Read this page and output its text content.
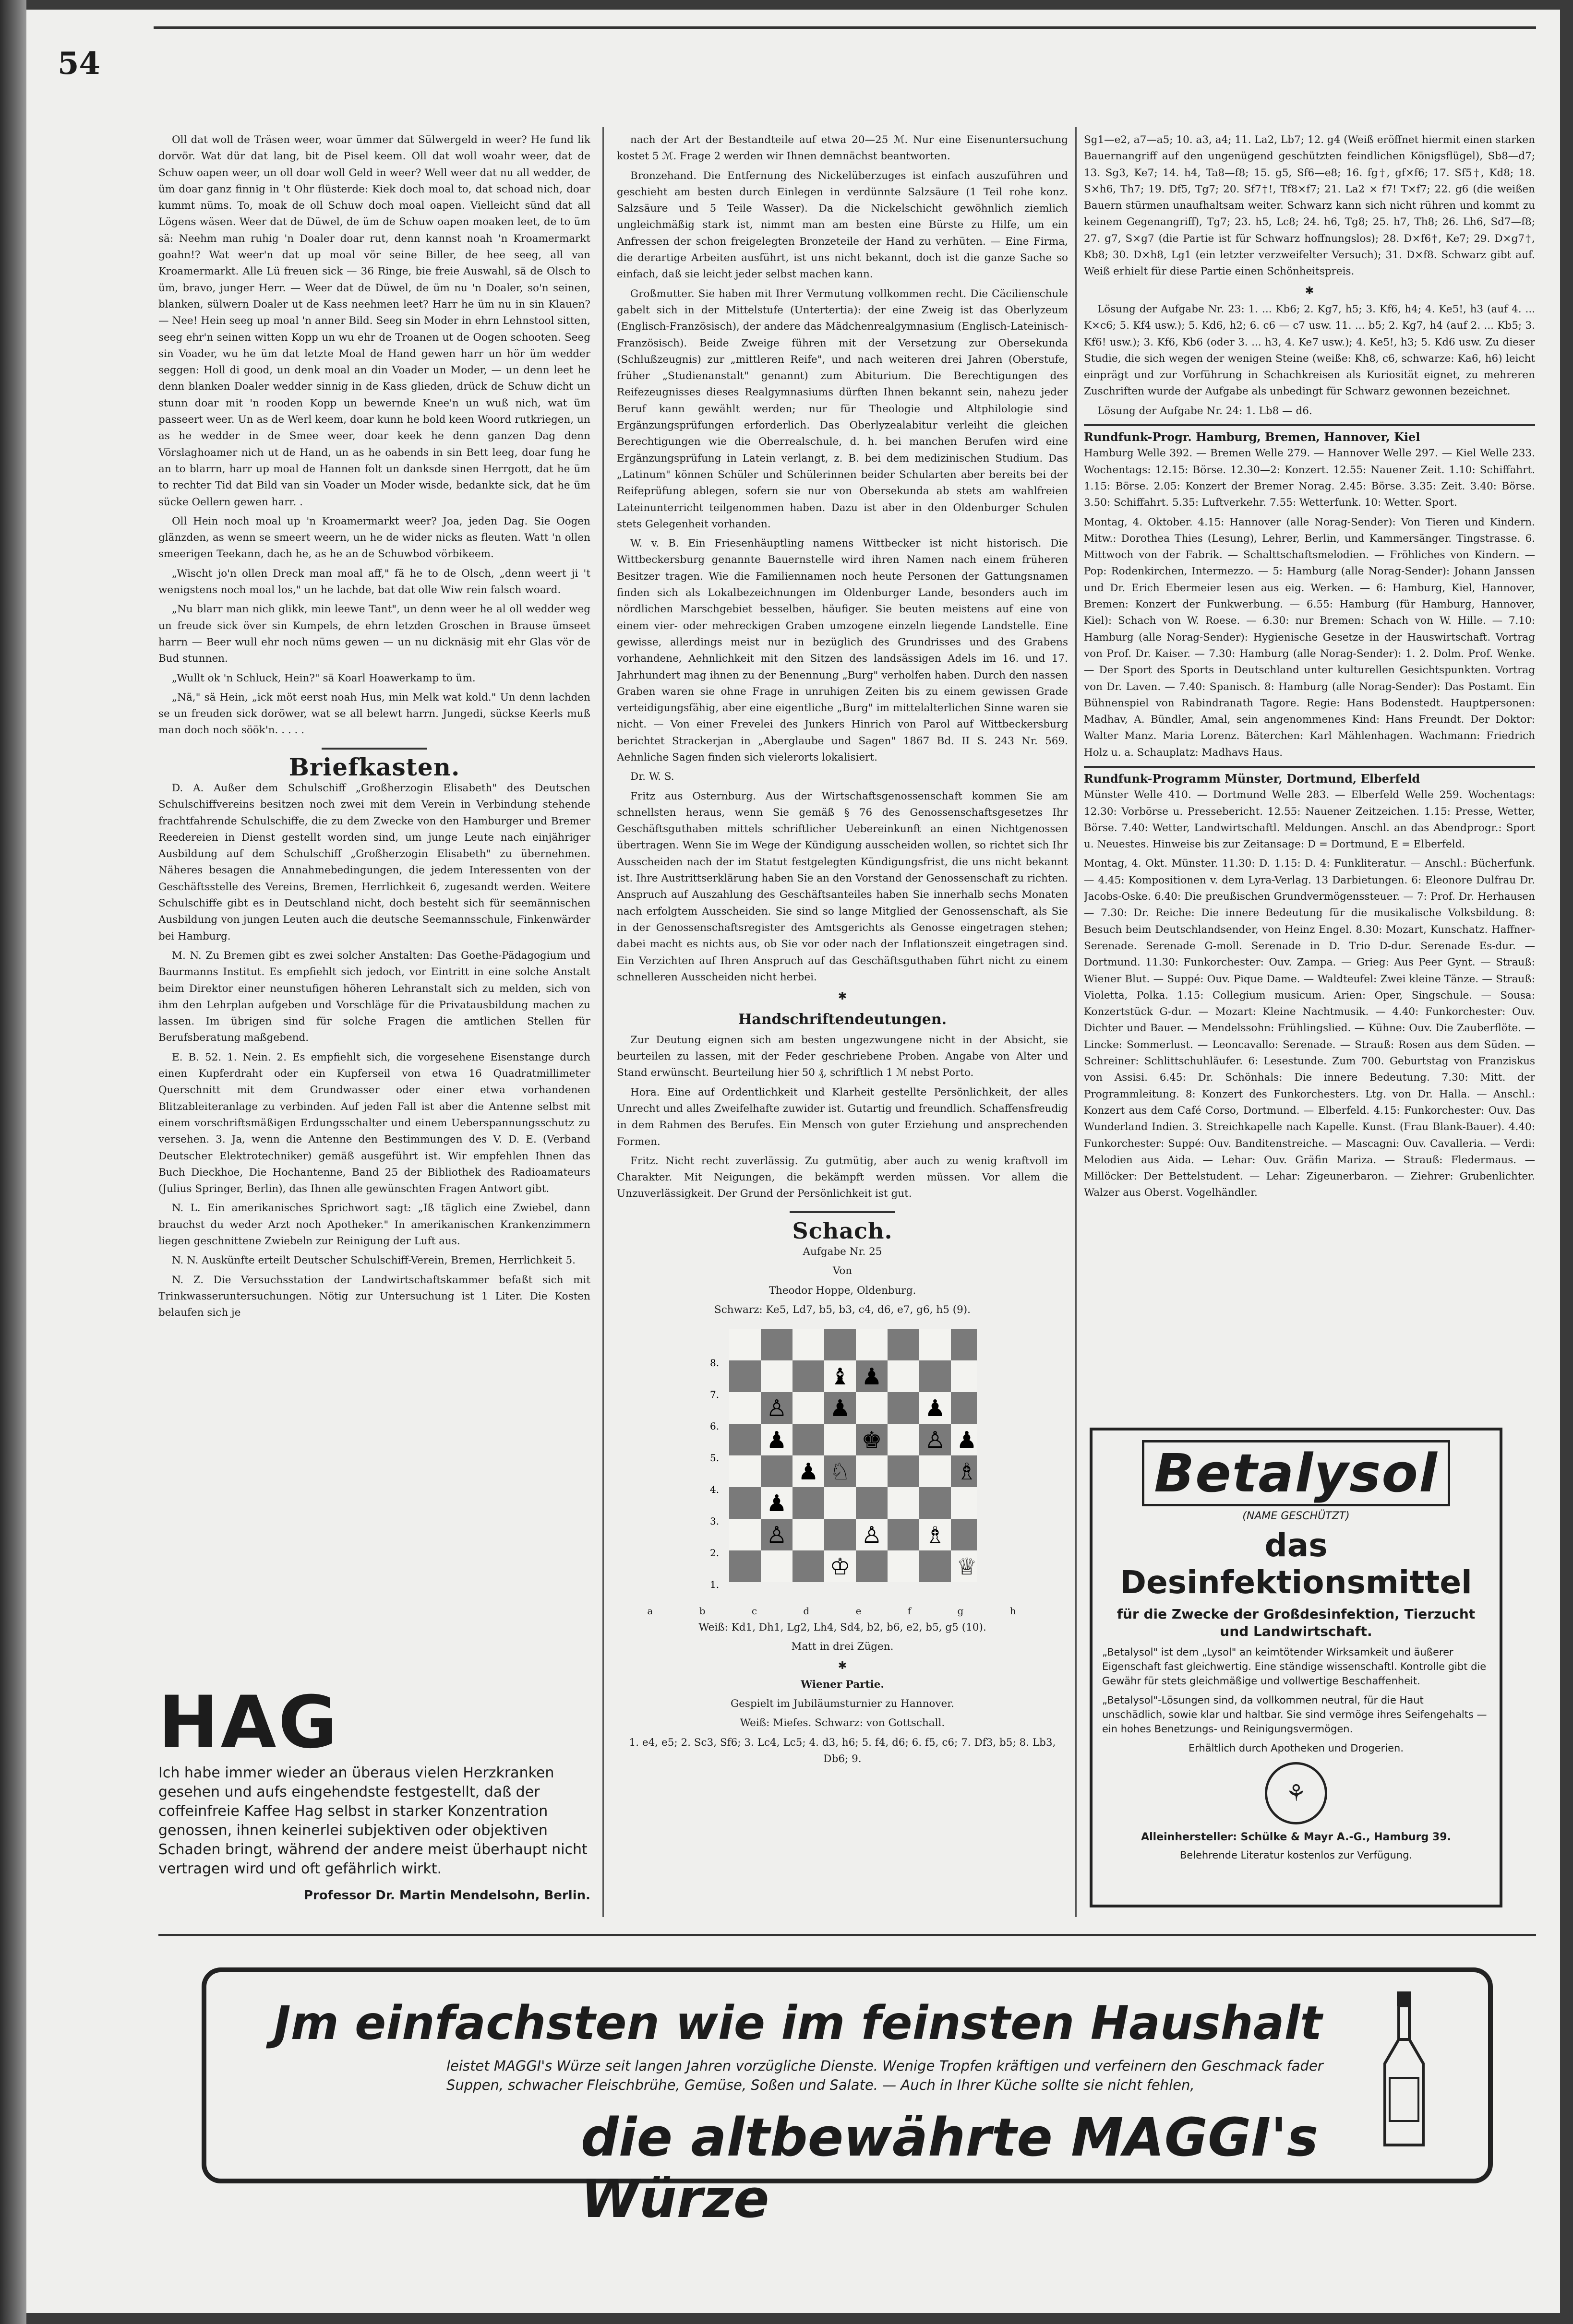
54

Oll dat woll de Träsen weer, woar ümmer dat Sülwergeld in weer? He fund lik dorvör. Wat dür dat lang, bit de Pisel keem. Oll dat woll woahr weer, dat de Schuw oapen weer, un oll doar woll Geld in weer? Well weer dat nu all wedder, de üm doar ganz finnig in 't Ohr flüsterde: Kiek doch moal to, dat schoad nich, doar kummt nüms. To, moak de oll Schuw doch moal oapen. Vielleicht sünd dat all Lögens wäsen. Weer dat de Düwel, de üm de Schuw oapen moaken leet, de to üm sä: Neehm man ruhig 'n Doaler doar rut, denn kannst noah 'n Kroamermarkt goahn!? Wat weer'n dat up moal vör seine Biller, de hee seeg, all van Kroamermarkt. Alle Lü freuen sick — 36 Ringe, bie freie Auswahl, sä de Olsch to üm, bravo, junger Herr. — Weer dat de Düwel, de üm nu 'n Doaler, so'n seinen, blanken, sülwern Doaler ut de Kass neehmen leet? Harr he üm nu in sin Klauen? — Nee! Hein seeg up moal 'n anner Bild. Seeg sin Moder in ehrn Lehnstool sitten, seeg ehr'n seinen witten Kopp un wu ehr de Troanen ut de Oogen schooten. Seeg sin Voader, wu he üm dat letzte Moal de Hand gewen harr un hör üm wedder seggen: Holl di good, un denk moal an din Voader un Moder, — un denn leet he denn blanken Doaler wedder sinnig in de Kass glieden, drück de Schuw dicht un stunn doar mit 'n rooden Kopp un bewernde Knee'n un wuß nich, wat üm passeert weer. Un as de Werl keem, doar kunn he bold keen Woord rutkriegen, un as he wedder in de Smee weer, doar keek he denn ganzen Dag denn Vörslaghoamer nich ut de Hand, un as he oabends in sin Bett leeg, doar fung he an to blarrn, harr up moal de Hannen folt un danksde sinen Herrgott, dat he üm to rechter Tid dat Bild van sin Voader un Moder wisde, bedankte sick, dat he üm sücke Oellern gewen harr. .

Oll Hein noch moal up 'n Kroamermarkt weer? Joa, jeden Dag. Sie Oogen glänzden, as wenn se smeert weern, un he de wider nicks as fleuten. Watt 'n ollen smeerigen Teekann, dach he, as he an de Schuwbod vörbikeem.

„Wischt jo'n ollen Dreck man moal aff," fä he to de Olsch, „denn weert ji 't wenigstens noch moal los," un he lachde, bat dat olle Wiw rein falsch woard.

„Nu blarr man nich glikk, min leewe Tant", un denn weer he al oll wedder weg un freude sick över sin Kumpels, de ehrn letzden Groschen in Brause ümseet harrn — Beer wull ehr noch nüms gewen — un nu dicknäsig mit ehr Glas vör de Bud stunnen.

„Wullt ok 'n Schluck, Hein?" sä Koarl Hoawerkamp to üm.

„Nä," sä Hein, „ick möt eerst noah Hus, min Melk wat kold." Un denn lachden se un freuden sick doröwer, wat se all belewt harrn. Jungedi, sückse Keerls muß man doch noch söök'n. . . . .

Briefkasten.

D. A. Außer dem Schulschiff „Großherzogin Elisabeth" des Deutschen Schulschiffvereins besitzen noch zwei mit dem Verein in Verbindung stehende frachtfahrende Schulschiffe, die zu dem Zwecke von den Hamburger und Bremer Reedereien in Dienst gestellt worden sind, um junge Leute nach einjähriger Ausbildung auf dem Schulschiff „Großherzogin Elisabeth" zu übernehmen. Näheres besagen die Annahmebedingungen, die jedem Interessenten von der Geschäftsstelle des Vereins, Bremen, Herrlichkeit 6, zugesandt werden. Weitere Schulschiffe gibt es in Deutschland nicht, doch besteht sich für seemännischen Ausbildung von jungen Leuten auch die deutsche Seemannsschule, Finkenwärder bei Hamburg.

M. N. Zu Bremen gibt es zwei solcher Anstalten: Das Goethe-Pädagogium und Baurmanns Institut. Es empfiehlt sich jedoch, vor Eintritt in eine solche Anstalt beim Direktor einer neunstufigen höheren Lehranstalt sich zu melden, sich von ihm den Lehrplan aufgeben und Vorschläge für die Privatausbildung machen zu lassen. Im übrigen sind für solche Fragen die amtlichen Stellen für Berufsberatung maßgebend.

E. B. 52. 1. Nein. 2. Es empfiehlt sich, die vorgesehene Eisenstange durch einen Kupferdraht oder ein Kupferseil von etwa 16 Quadratmillimeter Querschnitt mit dem Grundwasser oder einer etwa vorhandenen Blitzableiteranlage zu verbinden. Auf jeden Fall ist aber die Antenne selbst mit einem vorschriftsmäßigen Erdungsschalter und einem Ueberspannungsschutz zu versehen. 3. Ja, wenn die Antenne den Bestimmungen des V. D. E. (Verband Deutscher Elektrotechniker) gemäß ausgeführt ist. Wir empfehlen Ihnen das Buch Dieckhoe, Die Hochantenne, Band 25 der Bibliothek des Radioamateurs (Julius Springer, Berlin), das Ihnen alle gewünschten Fragen Antwort gibt.

N. L. Ein amerikanisches Sprichwort sagt: „Iß täglich eine Zwiebel, dann brauchst du weder Arzt noch Apotheker." In amerikanischen Krankenzimmern liegen geschnittene Zwiebeln zur Reinigung der Luft aus.

N. N. Auskünfte erteilt Deutscher Schulschiff-Verein, Bremen, Herrlichkeit 5.

N. Z. Die Versuchsstation der Landwirtschaftskammer befaßt sich mit Trinkwasseruntersuchungen. Nötig zur Untersuchung ist 1 Liter. Die Kosten belaufen sich je

nach der Art der Bestandteile auf etwa 20—25 ℳ. Nur eine Eisenuntersuchung kostet 5 ℳ. Frage 2 werden wir Ihnen demnächst beantworten.

Bronzehand. Die Entfernung des Nickelüberzuges ist einfach auszuführen und geschieht am besten durch Einlegen in verdünnte Salzsäure (1 Teil rohe konz. Salzsäure und 5 Teile Wasser). Da die Nickelschicht gewöhnlich ziemlich ungleichmäßig stark ist, nimmt man am besten eine Bürste zu Hilfe, um ein Anfressen der schon freigelegten Bronzeteile der Hand zu verhüten. — Eine Firma, die derartige Arbeiten ausführt, ist uns nicht bekannt, doch ist die ganze Sache so einfach, daß sie leicht jeder selbst machen kann.

Großmutter. Sie haben mit Ihrer Vermutung vollkommen recht. Die Cäcilienschule gabelt sich in der Mittelstufe (Untertertia): der eine Zweig ist das Oberlyzeum (Englisch-Französisch), der andere das Mädchenrealgymnasium (Englisch-Lateinisch-Französisch). Beide Zweige führen mit der Versetzung zur Obersekunda (Schlußzeugnis) zur „mittleren Reife", und nach weiteren drei Jahren (Oberstufe, früher „Studienanstalt" genannt) zum Abiturium. Die Berechtigungen des Reifezeugnisses dieses Realgymnasiums dürften Ihnen bekannt sein, nahezu jeder Beruf kann gewählt werden; nur für Theologie und Altphilologie sind Ergänzungsprüfungen erforderlich. Das Oberlyzealabitur verleiht die gleichen Berechtigungen wie die Oberrealschule, d. h. bei manchen Berufen wird eine Ergänzungsprüfung in Latein verlangt, z. B. bei dem medizinischen Studium. Das „Latinum" können Schüler und Schülerinnen beider Schularten aber bereits bei der Reifeprüfung ablegen, sofern sie nur von Obersekunda ab stets am wahlfreien Lateinunterricht teilgenommen haben. Dazu ist aber in den Oldenburger Schulen stets Gelegenheit vorhanden.

W. v. B. Ein Friesenhäuptling namens Wittbecker ist nicht historisch. Die Wittbeckersburg genannte Bauernstelle wird ihren Namen nach einem früheren Besitzer tragen. Wie die Familiennamen noch heute Personen der Gattungsnamen finden sich als Lokalbezeichnungen im Oldenburger Lande, besonders auch im nördlichen Marschgebiet besselben, häufiger. Sie beuten meistens auf eine von einem vier- oder mehreckigen Graben umzogene einzeln liegende Landstelle. Eine gewisse, allerdings meist nur in bezüglich des Grundrisses und des Grabens vorhandene, Aehnlichkeit mit den Sitzen des landsässigen Adels im 16. und 17. Jahrhundert mag ihnen zu der Benennung „Burg" verholfen haben. Durch den nassen Graben waren sie ohne Frage in unruhigen Zeiten bis zu einem gewissen Grade verteidigungsfähig, aber eine eigentliche „Burg" im mittelalterlichen Sinne waren sie nicht. — Von einer Frevelei des Junkers Hinrich von Parol auf Wittbeckersburg berichtet Strackerjan in „Aberglaube und Sagen" 1867 Bd. II S. 243 Nr. 569. Aehnliche Sagen finden sich vielerorts lokalisiert.

Dr. W. S.

Fritz aus Osternburg. Aus der Wirtschaftsgenossenschaft kommen Sie am schnellsten heraus, wenn Sie gemäß § 76 des Genossenschaftsgesetzes Ihr Geschäftsguthaben mittels schriftlicher Uebereinkunft an einen Nichtgenossen übertragen. Wenn Sie im Wege der Kündigung ausscheiden wollen, so richtet sich Ihr Ausscheiden nach der im Statut festgelegten Kündigungsfrist, die uns nicht bekannt ist. Ihre Austrittserklärung haben Sie an den Vorstand der Genossenschaft zu richten. Anspruch auf Auszahlung des Geschäftsanteiles haben Sie innerhalb sechs Monaten nach erfolgtem Ausscheiden. Sie sind so lange Mitglied der Genossenschaft, als Sie in der Genossenschaftsregister des Amtsgerichts als Genosse eingetragen stehen; dabei macht es nichts aus, ob Sie vor oder nach der Inflationszeit eingetragen sind. Ein Verzichten auf Ihren Anspruch auf das Geschäftsguthaben führt nicht zu einem schnelleren Ausscheiden nicht herbei.

✱
Handschriftendeutungen.

Zur Deutung eignen sich am besten ungezwungene nicht in der Absicht, sie beurteilen zu lassen, mit der Feder geschriebene Proben. Angabe von Alter und Stand erwünscht. Beurteilung hier 50 ₰, schriftlich 1 ℳ nebst Porto.

Hora. Eine auf Ordentlichkeit und Klarheit gestellte Persönlichkeit, der alles Unrecht und alles Zweifelhafte zuwider ist. Gutartig und freundlich. Schaffensfreudig in dem Rahmen des Berufes. Ein Mensch von guter Erziehung und ansprechenden Formen.

Fritz. Nicht recht zuverlässig. Zu gutmütig, aber auch zu wenig kraftvoll im Charakter. Mit Neigungen, die bekämpft werden müssen. Vor allem die Unzuverlässigkeit. Der Grund der Persönlichkeit ist gut.

Schach.

Aufgabe Nr. 25

Von

Theodor Hoppe, Oldenburg.

Schwarz: Ke5, Ld7, b5, b3, c4, d6, e7, g6, h5 (9).

8.
7.
6.
5.
4.
3.
2.
1.
♚
♝
♟
♟
♟
♟
♟
♟
♟
♔	♕
♗
♗
♘
♙
♙
♙
♙
a b c d e f g h

Weiß: Kd1, Dh1, Lg2, Lh4, Sd4, b2, b6, e2, b5, g5 (10).

Matt in drei Zügen.

✱

Wiener Partie.

Gespielt im Jubiläumsturnier zu Hannover.

Weiß: Miefes. Schwarz: von Gottschall.

1. e4, e5; 2. Sc3, Sf6; 3. Lc4, Lc5; 4. d3, h6; 5. f4, d6; 6. f5, c6; 7. Df3, b5; 8. Lb3, Db6; 9.

Sg1—e2, a7—a5; 10. a3, a4; 11. La2, Lb7; 12. g4 (Weiß eröffnet hiermit einen starken Bauernangriff auf den ungenügend geschützten feindlichen Königsflügel), Sb8—d7; 13. Sg3, Ke7; 14. h4, Ta8—f8; 15. g5, Sf6—e8; 16. fg†, gf×f6; 17. Sf5†, Kd8; 18. S×h6, Th7; 19. Df5, Tg7; 20. Sf7†!, Tf8×f7; 21. La2 × f7! T×f7; 22. g6 (die weißen Bauern stürmen unaufhaltsam weiter. Schwarz kann sich nicht rühren und kommt zu keinem Gegenangriff), Tg7; 23. h5, Lc8; 24. h6, Tg8; 25. h7, Th8; 26. Lh6, Sd7—f8; 27. g7, S×g7 (die Partie ist für Schwarz hoffnungslos); 28. D×f6†, Ke7; 29. D×g7†, Kb8; 30. D×h8, Lg1 (ein letzter verzweifelter Versuch); 31. D×f8. Schwarz gibt auf. Weiß erhielt für diese Partie einen Schönheitspreis.

✱

Lösung der Aufgabe Nr. 23: 1. ... Kb6; 2. Kg7, h5; 3. Kf6, h4; 4. Ke5!, h3 (auf 4. ... K×c6; 5. Kf4 usw.); 5. Kd6, h2; 6. c6 — c7 usw. 11. ... b5; 2. Kg7, h4 (auf 2. ... Kb5; 3. Kf6! usw.); 3. Kf6, Kb6 (oder 3. ... h3, 4. Ke7 usw.); 4. Ke5!, h3; 5. Kd6 usw. Zu dieser Studie, die sich wegen der wenigen Steine (weiße: Kh8, c6, schwarze: Ka6, h6) leicht einprägt und zur Vorführung in Schachkreisen als Kuriosität eignet, zu mehreren Zuschriften wurde der Aufgabe als unbedingt für Schwarz gewonnen bezeichnet.

Lösung der Aufgabe Nr. 24: 1. Lb8 — d6.

Rundfunk-Progr. Hamburg, Bremen, Hannover, Kiel

Hamburg Welle 392. — Bremen Welle 279. — Hannover Welle 297. — Kiel Welle 233. Wochentags: 12.15: Börse. 12.30—2: Konzert. 12.55: Nauener Zeit. 1.10: Schiffahrt. 1.15: Börse. 2.05: Konzert der Bremer Norag. 2.45: Börse. 3.35: Zeit. 3.40: Börse. 3.50: Schiffahrt. 5.35: Luftverkehr. 7.55: Wetterfunk. 10: Wetter. Sport.

Montag, 4. Oktober. 4.15: Hannover (alle Norag-Sender): Von Tieren und Kindern. Mitw.: Dorothea Thies (Lesung), Lehrer, Berlin, und Kammersänger. Tingstrasse. 6. Mittwoch von der Fabrik. — Schalttschaftsmelodien. — Fröhliches von Kindern. — Pop: Rodenkirchen, Intermezzo. — 5: Hamburg (alle Norag-Sender): Johann Janssen und Dr. Erich Ebermeier lesen aus eig. Werken. — 6: Hamburg, Kiel, Hannover, Bremen: Konzert der Funkwerbung. — 6.55: Hamburg (für Hamburg, Hannover, Kiel): Schach von W. Roese. — 6.30: nur Bremen: Schach von W. Hille. — 7.10: Hamburg (alle Norag-Sender): Hygienische Gesetze in der Hauswirtschaft. Vortrag von Prof. Dr. Kaiser. — 7.30: Hamburg (alle Norag-Sender): 1. 2. Dolm. Prof. Wenke. — Der Sport des Sports in Deutschland unter kulturellen Gesichtspunkten. Vortrag von Dr. Laven. — 7.40: Spanisch. 8: Hamburg (alle Norag-Sender): Das Postamt. Ein Bühnenspiel von Rabindranath Tagore. Regie: Hans Bodenstedt. Hauptpersonen: Madhav, A. Bündler, Amal, sein angenommenes Kind: Hans Freundt. Der Doktor: Walter Manz. Maria Lorenz. Bäterchen: Karl Mählenhagen. Wachmann: Friedrich Holz u. a. Schauplatz: Madhavs Haus.

Rundfunk-Programm Münster, Dortmund, Elberfeld

Münster Welle 410. — Dortmund Welle 283. — Elberfeld Welle 259. Wochentags: 12.30: Vorbörse u. Pressebericht. 12.55: Nauener Zeitzeichen. 1.15: Presse, Wetter, Börse. 7.40: Wetter, Landwirtschaftl. Meldungen. Anschl. an das Abendprogr.: Sport u. Neuestes. Hinweise bis zur Zeitansage: D = Dortmund, E = Elberfeld.

Montag, 4. Okt. Münster. 11.30: D. 1.15: D. 4: Funkliteratur. — Anschl.: Bücherfunk. — 4.45: Kompositionen v. dem Lyra-Verlag. 13 Darbietungen. 6: Eleonore Dulfrau Dr. Jacobs-Oske. 6.40: Die preußischen Grundvermögenssteuer. — 7: Prof. Dr. Herhausen — 7.30: Dr. Reiche: Die innere Bedeutung für die musikalische Volksbildung. 8: Besuch beim Deutschlandsender, von Heinz Engel. 8.30: Mozart, Kunschatz. Haffner-Serenade. Serenade G-moll. Serenade in D. Trio D-dur. Serenade Es-dur. — Dortmund. 11.30: Funkorchester: Ouv. Zampa. — Grieg: Aus Peer Gynt. — Strauß: Wiener Blut. — Suppé: Ouv. Pique Dame. — Waldteufel: Zwei kleine Tänze. — Strauß: Violetta, Polka. 1.15: Collegium musicum. Arien: Oper, Singschule. — Sousa: Konzertstück G-dur. — Mozart: Kleine Nachtmusik. — 4.40: Funkorchester: Ouv. Dichter und Bauer. — Mendelssohn: Frühlingslied. — Kühne: Ouv. Die Zauberflöte. — Lincke: Sommerlust. — Leoncavallo: Serenade. — Strauß: Rosen aus dem Süden. — Schreiner: Schlittschuhläufer. 6: Lesestunde. Zum 700. Geburtstag von Franziskus von Assisi. 6.45: Dr. Schönhals: Die innere Bedeutung. 7.30: Mitt. der Programmleitung. 8: Konzert des Funkorchesters. Ltg. von Dr. Halla. — Anschl.: Konzert aus dem Café Corso, Dortmund. — Elberfeld. 4.15: Funkorchester: Ouv. Das Wunderland Indien. 3. Streichkapelle nach Kapelle. Kunst. (Frau Blank-Bauer). 4.40: Funkorchester: Suppé: Ouv. Banditenstreiche. — Mascagni: Ouv. Cavalleria. — Verdi: Melodien aus Aida. — Lehar: Ouv. Gräfin Mariza. — Strauß: Fledermaus. — Millöcker: Der Bettelstudent. — Lehar: Zigeunerbaron. — Ziehrer: Grubenlichter. Walzer aus Oberst. Vogelhändler.

HAG
Ich habe immer wieder an überaus vielen Herzkranken gesehen und aufs eingehendste festgestellt, daß der coffeinfreie Kaffee Hag selbst in starker Konzentration genossen, ihnen keinerlei subjektiven oder objektiven Schaden bringt, während der andere meist überhaupt nicht vertragen wird und oft gefährlich wirkt.
Professor Dr. Martin Mendelsohn, Berlin.
Betalysol
(NAME GESCHÜTZT)
das Desinfektionsmittel
für die Zwecke der Großdesinfektion, Tierzucht und Landwirtschaft.
„Betalysol" ist dem „Lysol" an keimtötender Wirksamkeit und äußerer Eigenschaft fast gleichwertig. Eine ständige wissenschaftl. Kontrolle gibt die Gewähr für stets gleichmäßige und vollwertige Beschaffenheit.
„Betalysol"-Lösungen sind, da vollkommen neutral, für die Haut unschädlich, sowie klar und haltbar. Sie sind vermöge ihres Seifengehalts — ein hohes Benetzungs- und Reinigungsvermögen.
Erhältlich durch Apotheken und Drogerien.
⚘
Alleinhersteller: Schülke & Mayr A.-G., Hamburg 39.
Belehrende Literatur kostenlos zur Verfügung.
Jm einfachsten wie im feinsten Haushalt
leistet MAGGI's Würze seit langen Jahren vorzügliche Dienste. Wenige Tropfen kräftigen und verfeinern den Geschmack fader Suppen, schwacher Fleischbrühe, Gemüse, Soßen und Salate. — Auch in Ihrer Küche sollte sie nicht fehlen,
die altbewährte MAGGI's Würze
